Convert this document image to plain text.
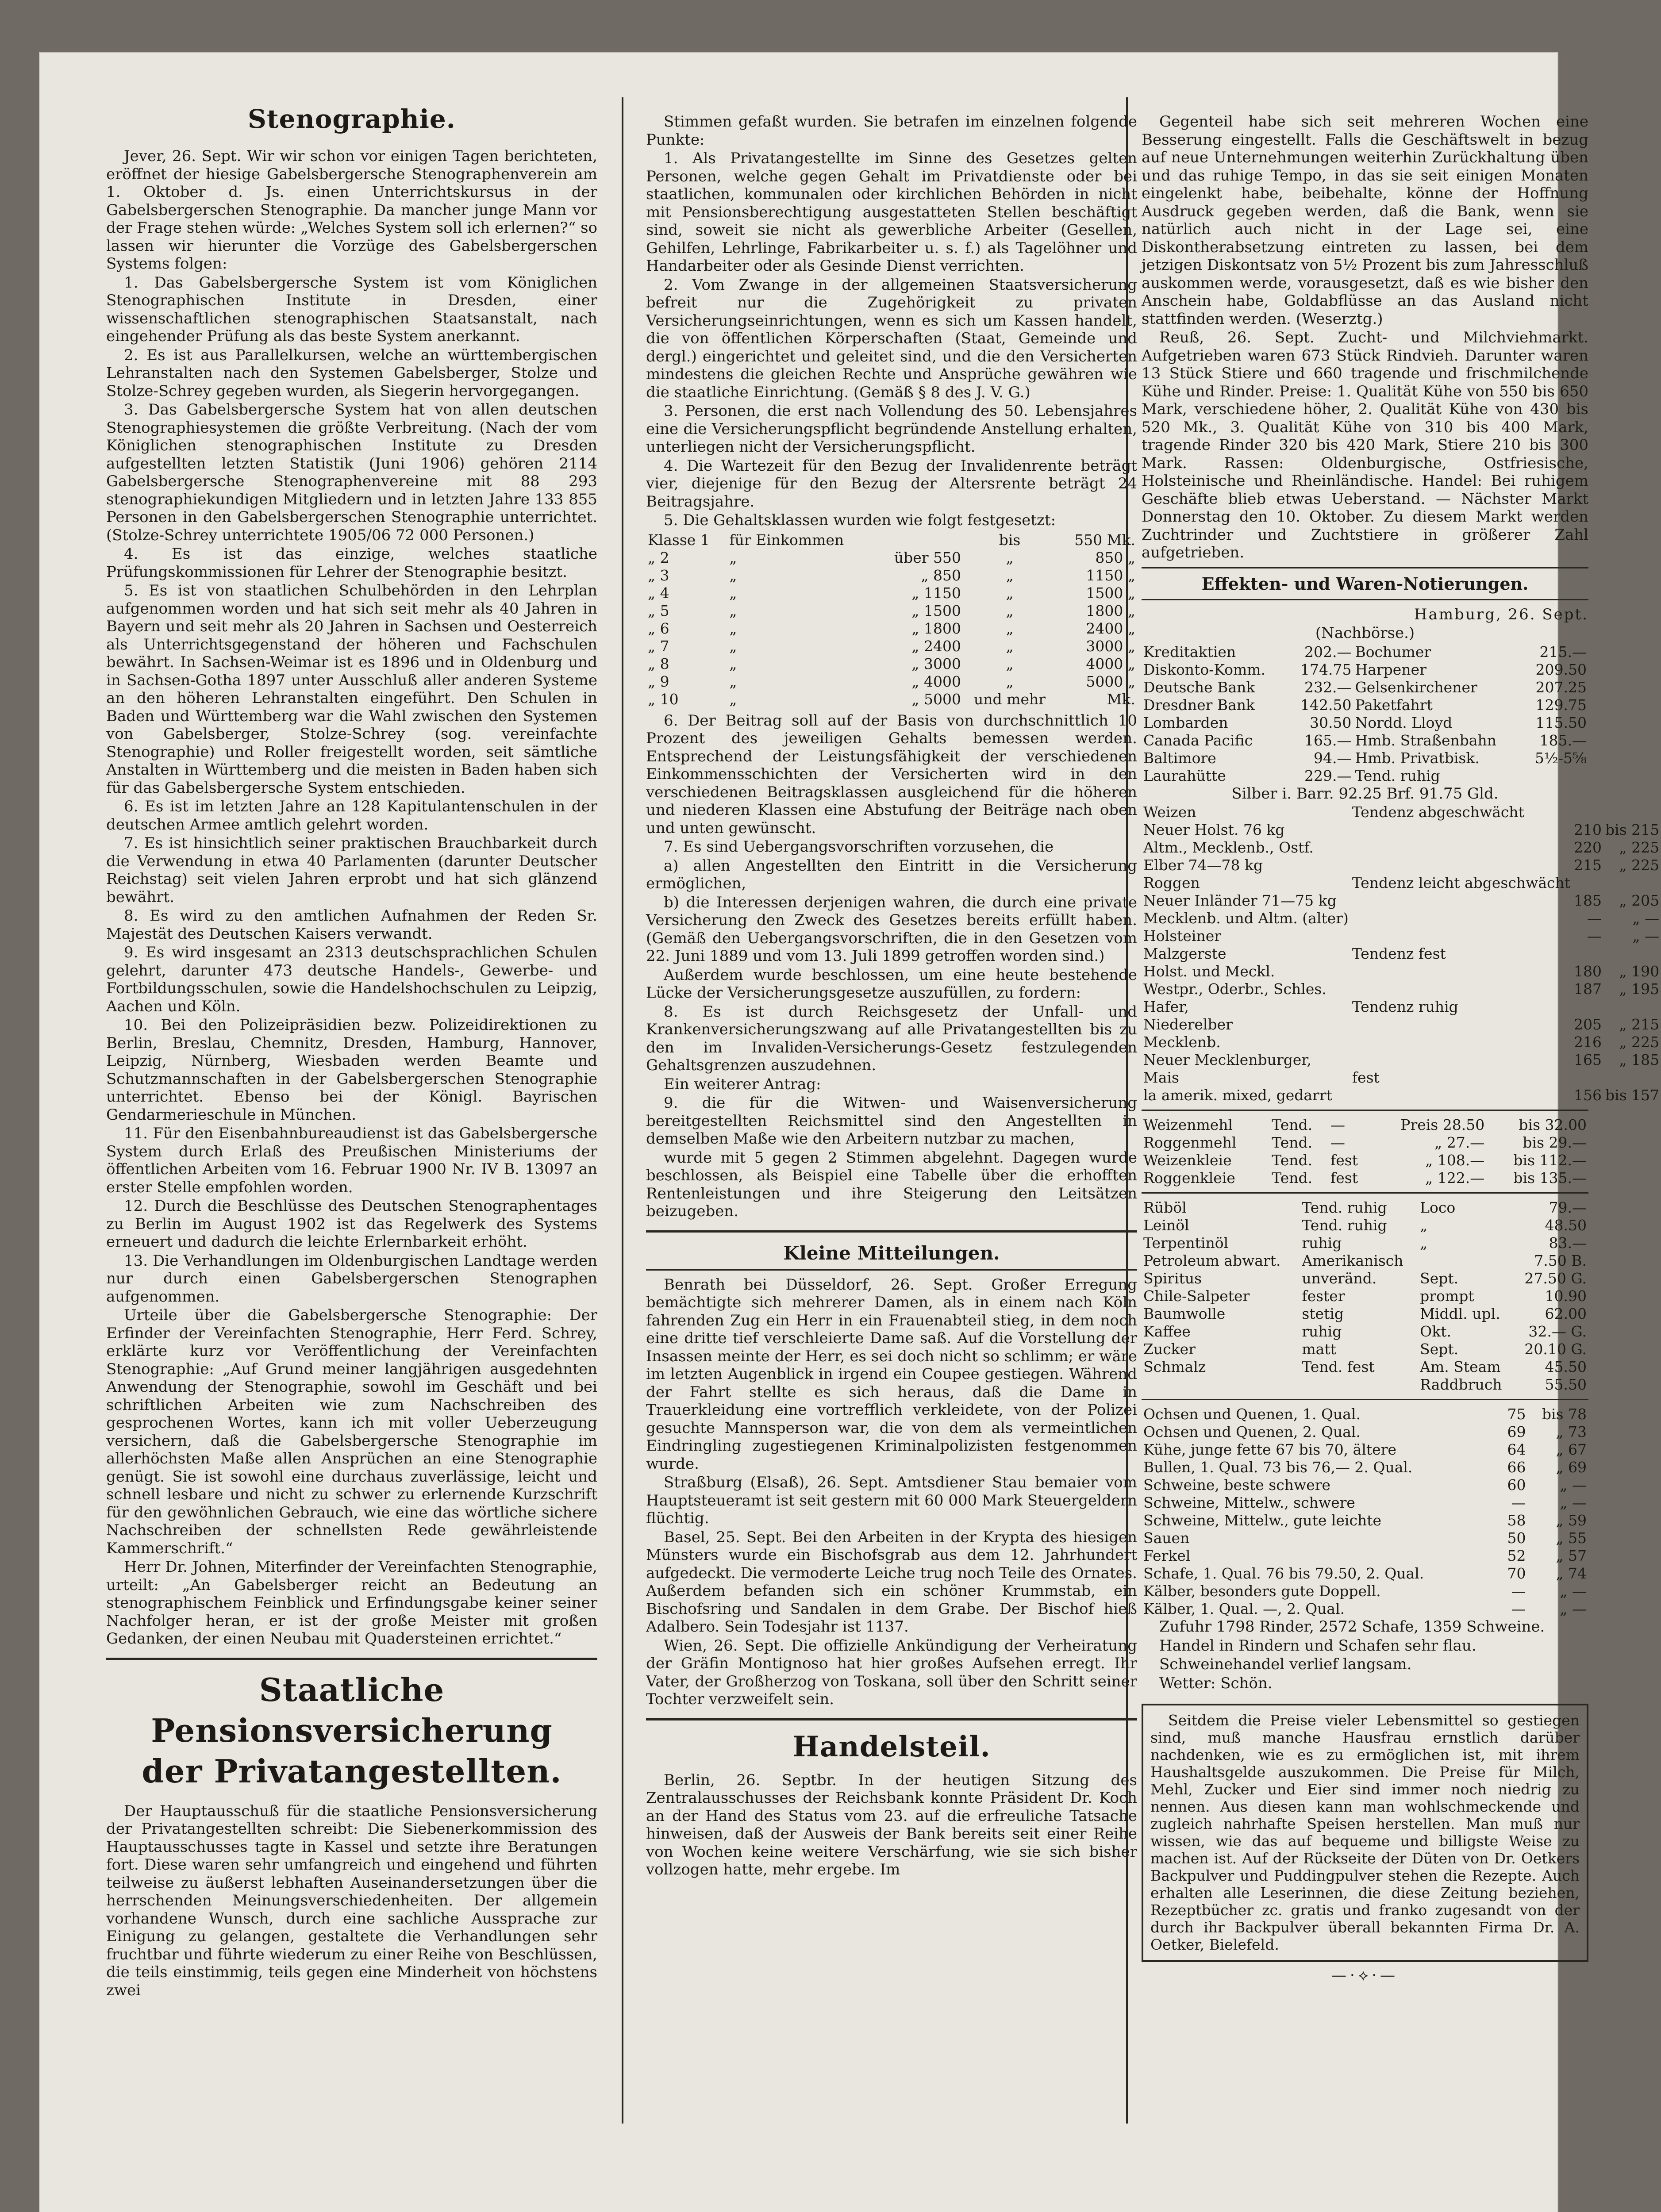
Stenographie.

Jever, 26. Sept. Wir wir schon vor einigen Tagen berichteten, eröffnet der hiesige Gabelsbergersche Stenographenverein am 1. Oktober d. Js. einen Unterrichtskursus in der Gabelsbergerschen Stenographie. Da mancher junge Mann vor der Frage stehen würde: „Welches System soll ich erlernen?“ so lassen wir hierunter die Vorzüge des Gabelsbergerschen Systems folgen:

1. Das Gabelsbergersche System ist vom Königlichen Stenographischen Institute in Dresden, einer wissenschaftlichen stenographischen Staatsanstalt, nach eingehender Prüfung als das beste System anerkannt.

2. Es ist aus Parallelkursen, welche an württembergischen Lehranstalten nach den Systemen Gabelsberger, Stolze und Stolze-Schrey gegeben wurden, als Siegerin hervorgegangen.

3. Das Gabelsbergersche System hat von allen deutschen Stenographiesystemen die größte Verbreitung. (Nach der vom Königlichen stenographischen Institute zu Dresden aufgestellten letzten Statistik (Juni 1906) gehören 2114 Gabelsbergersche Stenographenvereine mit 88 293 stenographiekundigen Mitgliedern und in letzten Jahre 133 855 Personen in den Gabelsbergerschen Stenographie unterrichtet. (Stolze-Schrey unterrichtete 1905/06 72 000 Personen.)

4. Es ist das einzige, welches staatliche Prüfungskommissionen für Lehrer der Stenographie besitzt.

5. Es ist von staatlichen Schulbehörden in den Lehrplan aufgenommen worden und hat sich seit mehr als 40 Jahren in Bayern und seit mehr als 20 Jahren in Sachsen und Oesterreich als Unterrichtsgegenstand der höheren und Fachschulen bewährt. In Sachsen-Weimar ist es 1896 und in Oldenburg und in Sachsen-Gotha 1897 unter Ausschluß aller anderen Systeme an den höheren Lehranstalten eingeführt. Den Schulen in Baden und Württemberg war die Wahl zwischen den Systemen von Gabelsberger, Stolze-Schrey (sog. vereinfachte Stenographie) und Roller freigestellt worden, seit sämtliche Anstalten in Württemberg und die meisten in Baden haben sich für das Gabelsbergersche System entschieden.

6. Es ist im letzten Jahre an 128 Kapitulantenschulen in der deutschen Armee amtlich gelehrt worden.

7. Es ist hinsichtlich seiner praktischen Brauchbarkeit durch die Verwendung in etwa 40 Parlamenten (darunter Deutscher Reichstag) seit vielen Jahren erprobt und hat sich glänzend bewährt.

8. Es wird zu den amtlichen Aufnahmen der Reden Sr. Majestät des Deutschen Kaisers verwandt.

9. Es wird insgesamt an 2313 deutschsprachlichen Schulen gelehrt, darunter 473 deutsche Handels-, Gewerbe- und Fortbildungsschulen, sowie die Handelshochschulen zu Leipzig, Aachen und Köln.

10. Bei den Polizeipräsidien bezw. Polizeidirektionen zu Berlin, Breslau, Chemnitz, Dresden, Hamburg, Hannover, Leipzig, Nürnberg, Wiesbaden werden Beamte und Schutzmannschaften in der Gabelsbergerschen Stenographie unterrichtet. Ebenso bei der Königl. Bayrischen Gendarmerieschule in München.

11. Für den Eisenbahnbureaudienst ist das Gabelsbergersche System durch Erlaß des Preußischen Ministeriums der öffentlichen Arbeiten vom 16. Februar 1900 Nr. IV B. 13097 an erster Stelle empfohlen worden.

12. Durch die Beschlüsse des Deutschen Stenographentages zu Berlin im August 1902 ist das Regelwerk des Systems erneuert und dadurch die leichte Erlernbarkeit erhöht.

13. Die Verhandlungen im Oldenburgischen Landtage werden nur durch einen Gabelsbergerschen Stenographen aufgenommen.

Urteile über die Gabelsbergersche Stenographie: Der Erfinder der Vereinfachten Stenographie, Herr Ferd. Schrey, erklärte kurz vor Veröffentlichung der Vereinfachten Stenographie: „Auf Grund meiner langjährigen ausgedehnten Anwendung der Stenographie, sowohl im Geschäft und bei schriftlichen Arbeiten wie zum Nachschreiben des gesprochenen Wortes, kann ich mit voller Ueberzeugung versichern, daß die Gabelsbergersche Stenographie im allerhöchsten Maße allen Ansprüchen an eine Stenographie genügt. Sie ist sowohl eine durchaus zuverlässige, leicht und schnell lesbare und nicht zu schwer zu erlernende Kurzschrift für den gewöhnlichen Gebrauch, wie eine das wörtliche sichere Nachschreiben der schnellsten Rede gewährleistende Kammerschrift.“

Herr Dr. Johnen, Miterfinder der Vereinfachten Stenographie, urteilt: „An Gabelsberger reicht an Bedeutung an stenographischem Feinblick und Erfindungsgabe keiner seiner Nachfolger heran, er ist der große Meister mit großen Gedanken, der einen Neubau mit Quadersteinen errichtet.“

Staatliche Pensionsversicherung
der Privatangestellten.

Der Hauptausschuß für die staatliche Pensionsversicherung der Privatangestellten schreibt: Die Siebenerkommission des Hauptausschusses tagte in Kassel und setzte ihre Beratungen fort. Diese waren sehr umfangreich und eingehend und führten teilweise zu äußerst lebhaften Auseinandersetzungen über die herrschenden Meinungsverschiedenheiten. Der allgemein vorhandene Wunsch, durch eine sachliche Aussprache zur Einigung zu gelangen, gestaltete die Verhandlungen sehr fruchtbar und führte wiederum zu einer Reihe von Beschlüssen, die teils einstimmig, teils gegen eine Minderheit von höchstens zwei

Stimmen gefaßt wurden. Sie betrafen im einzelnen folgende Punkte:

1. Als Privatangestellte im Sinne des Gesetzes gelten Personen, welche gegen Gehalt im Privatdienste oder bei staatlichen, kommunalen oder kirchlichen Behörden in nicht mit Pensionsberechtigung ausgestatteten Stellen beschäftigt sind, soweit sie nicht als gewerbliche Arbeiter (Gesellen, Gehilfen, Lehrlinge, Fabrikarbeiter u. s. f.) als Tagelöhner und Handarbeiter oder als Gesinde Dienst verrichten.

2. Vom Zwange in der allgemeinen Staatsversicherung befreit nur die Zugehörigkeit zu privaten Versicherungseinrichtungen, wenn es sich um Kassen handelt, die von öffentlichen Körperschaften (Staat, Gemeinde und dergl.) eingerichtet und geleitet sind, und die den Versicherten mindestens die gleichen Rechte und Ansprüche gewähren wie die staatliche Einrichtung. (Gemäß § 8 des J. V. G.)

3. Personen, die erst nach Vollendung des 50. Lebensjahres eine die Versicherungspflicht begründende Anstellung erhalten, unterliegen nicht der Versicherungspflicht.

4. Die Wartezeit für den Bezug der Invalidenrente beträgt vier, diejenige für den Bezug der Altersrente beträgt 24 Beitragsjahre.

5. Die Gehaltsklassen wurden wie folgt festgesetzt:

Klasse 1	für Einkommen		bis	550 Mk.
„ 2	„	über 550	„	850 „
„ 3	„	„ 850	„	1150 „
„ 4	„	„ 1150	„	1500 „
„ 5	„	„ 1500	„	1800 „
„ 6	„	„ 1800	„	2400 „
„ 7	„	„ 2400	„	3000 „
„ 8	„	„ 3000	„	4000 „
„ 9	„	„ 4000	„	5000 „
„ 10	„	„ 5000	und mehr	Mk.

6. Der Beitrag soll auf der Basis von durchschnittlich 10 Prozent des jeweiligen Gehalts bemessen werden. Entsprechend der Leistungsfähigkeit der verschiedenen Einkommensschichten der Versicherten wird in den verschiedenen Beitragsklassen ausgleichend für die höheren und niederen Klassen eine Abstufung der Beiträge nach oben und unten gewünscht.

7. Es sind Uebergangsvorschriften vorzusehen, die

a) allen Angestellten den Eintritt in die Versicherung ermöglichen,

b) die Interessen derjenigen wahren, die durch eine private Versicherung den Zweck des Gesetzes bereits erfüllt haben. (Gemäß den Uebergangsvorschriften, die in den Gesetzen vom 22. Juni 1889 und vom 13. Juli 1899 getroffen worden sind.)

Außerdem wurde beschlossen, um eine heute bestehende Lücke der Versicherungsgesetze auszufüllen, zu fordern:

8. Es ist durch Reichsgesetz der Unfall- und Krankenversicherungszwang auf alle Privatangestellten bis zu den im Invaliden-Versicherungs-Gesetz festzulegenden Gehaltsgrenzen auszudehnen.

Ein weiterer Antrag:

9. die für die Witwen- und Waisenversicherung bereitgestellten Reichsmittel sind den Angestellten in demselben Maße wie den Arbeitern nutzbar zu machen,

wurde mit 5 gegen 2 Stimmen abgelehnt. Dagegen wurde beschlossen, als Beispiel eine Tabelle über die erhofften Rentenleistungen und ihre Steigerung den Leitsätzen beizugeben.

Kleine Mitteilungen.

Benrath bei Düsseldorf, 26. Sept. Großer Erregung bemächtigte sich mehrerer Damen, als in einem nach Köln fahrenden Zug ein Herr in ein Frauenabteil stieg, in dem noch eine dritte tief verschleierte Dame saß. Auf die Vorstellung der Insassen meinte der Herr, es sei doch nicht so schlimm; er wäre im letzten Augenblick in irgend ein Coupee gestiegen. Während der Fahrt stellte es sich heraus, daß die Dame in Trauerkleidung eine vortrefflich verkleidete, von der Polizei gesuchte Mannsperson war, die von dem als vermeintlichen Eindringling zugestiegenen Kriminalpolizisten festgenommen wurde.

Straßburg (Elsaß), 26. Sept. Amtsdiener Stau bemaier vom Hauptsteueramt ist seit gestern mit 60 000 Mark Steuergeldern flüchtig.

Basel, 25. Sept. Bei den Arbeiten in der Krypta des hiesigen Münsters wurde ein Bischofsgrab aus dem 12. Jahrhundert aufgedeckt. Die vermoderte Leiche trug noch Teile des Ornates. Außerdem befanden sich ein schöner Krummstab, ein Bischofsring und Sandalen in dem Grabe. Der Bischof hieß Adalbero. Sein Todesjahr ist 1137.

Wien, 26. Sept. Die offizielle Ankündigung der Verheiratung der Gräfin Montignoso hat hier großes Aufsehen erregt. Ihr Vater, der Großherzog von Toskana, soll über den Schritt seiner Tochter verzweifelt sein.

Handelsteil.

Berlin, 26. Septbr. In der heutigen Sitzung des Zentralausschusses der Reichsbank konnte Präsident Dr. Koch an der Hand des Status vom 23. auf die erfreuliche Tatsache hinweisen, daß der Ausweis der Bank bereits seit einer Reihe von Wochen keine weitere Verschärfung, wie sie sich bisher vollzogen hatte, mehr ergebe. Im

Gegenteil habe sich seit mehreren Wochen eine Besserung eingestellt. Falls die Geschäftswelt in bezug auf neue Unternehmungen weiterhin Zurückhaltung üben und das ruhige Tempo, in das sie seit einigen Monaten eingelenkt habe, beibehalte, könne der Hoffnung Ausdruck gegeben werden, daß die Bank, wenn sie natürlich auch nicht in der Lage sei, eine Diskontherabsetzung eintreten zu lassen, bei dem jetzigen Diskontsatz von 5½ Prozent bis zum Jahresschluß auskommen werde, vorausgesetzt, daß es wie bisher den Anschein habe, Goldabflüsse an das Ausland nicht stattfinden werden. (Weserztg.)

Reuß, 26. Sept. Zucht- und Milchviehmarkt. Aufgetrieben waren 673 Stück Rindvieh. Darunter waren 13 Stück Stiere und 660 tragende und frischmilchende Kühe und Rinder. Preise: 1. Qualität Kühe von 550 bis 650 Mark, verschiedene höher, 2. Qualität Kühe von 430 bis 520 Mk., 3. Qualität Kühe von 310 bis 400 Mark, tragende Rinder 320 bis 420 Mark, Stiere 210 bis 300 Mark. Rassen: Oldenburgische, Ostfriesische, Holsteinische und Rheinländische. Handel: Bei ruhigem Geschäfte blieb etwas Ueberstand. — Nächster Markt Donnerstag den 10. Oktober. Zu diesem Markt werden Zuchtrinder und Zuchtstiere in größerer Zahl aufgetrieben.

Effekten- und Waren-Notierungen.

Hamburg, 26. Sept.

(Nachbörse.)

Kreditaktien	202.—	Bochumer	215.—
Diskonto-Komm.	174.75	Harpener	209.50
Deutsche Bank	232.—	Gelsenkirchener	207.25
Dresdner Bank	142.50	Paketfahrt	129.75
Lombarden	30.50	Nordd. Lloyd	115.50
Canada Pacific	165.—	Hmb. Straßenbahn	185.—
Baltimore	94.—	Hmb. Privatbisk.	5½-5⅝
Laurahütte	229.—	Tend. ruhig	

Silber i. Barr. 92.25 Brf. 91.75 Gld.

Weizen	Tendenz abgeschwächt		
Neuer Holst. 76 kg		210	bis 215
Altm., Mecklenb., Ostf.		220	„ 225
Elber 74—78 kg		215	„ 225
Roggen	Tendenz leicht abgeschwächt		
Neuer Inländer 71—75 kg		185	„ 205
Mecklenb. und Altm. (alter)		—	„ —
Holsteiner		—	„ —
Malzgerste	Tendenz fest		
Holst. und Meckl.		180	„ 190
Westpr., Oderbr., Schles.		187	„ 195
Hafer,	Tendenz ruhig		
Niederelber		205	„ 215
Mecklenb.		216	„ 225
Neuer Mecklenburger,		165	„ 185
Mais	fest		
la amerik. mixed, gedarrt		156	bis 157
Weizenmehl	Tend.	—	Preis 28.50	bis 32.00
Roggenmehl	Tend.	—	„ 27.—	bis 29.—
Weizenkleie	Tend.	fest	„ 108.—	bis 112.—
Roggenkleie	Tend.	fest	„ 122.—	bis 135.—
Rüböl	Tend. ruhig	Loco	79.—
Leinöl	Tend. ruhig	„	48.50
Terpentinöl	ruhig	„	83.—
Petroleum abwart.	Amerikanisch		7.50 B.
Spiritus	unveränd.	Sept.	27.50 G.
Chile-Salpeter	fester	prompt	10.90
Baumwolle	stetig	Middl. upl.	62.00
Kaffee	ruhig	Okt.	32.— G.
Zucker	matt	Sept.	20.10 G.
Schmalz	Tend. fest	Am. Steam	45.50
		Raddbruch	55.50
Ochsen und Quenen, 1. Qual.	75	bis 78
Ochsen und Quenen, 2. Qual.	69	„ 73
Kühe, junge fette 67 bis 70, ältere	64	„ 67
Bullen, 1. Qual. 73 bis 76,— 2. Qual.	66	„ 69
Schweine, beste schwere	60	„ —
Schweine, Mittelw., schwere	—	„ —
Schweine, Mittelw., gute leichte	58	„ 59
Sauen	50	„ 55
Ferkel	52	„ 57
Schafe, 1. Qual. 76 bis 79.50, 2. Qual.	70	„ 74
Kälber, besonders gute Doppell.	—	„ —
Kälber, 1. Qual. —, 2. Qual.	—	„ —

Zufuhr 1798 Rinder, 2572 Schafe, 1359 Schweine.

Handel in Rindern und Schafen sehr flau.

Schweinehandel verlief langsam.

Wetter: Schön.

Seitdem die Preise vieler Lebensmittel so gestiegen sind, muß manche Hausfrau ernstlich darüber nachdenken, wie es zu ermöglichen ist, mit ihrem Haushaltsgelde auszukommen. Die Preise für Milch, Mehl, Zucker und Eier sind immer noch niedrig zu nennen. Aus diesen kann man wohlschmeckende und zugleich nahrhafte Speisen herstellen. Man muß nur wissen, wie das auf bequeme und billigste Weise zu machen ist. Auf der Rückseite der Düten von Dr. Oetkers Backpulver und Puddingpulver stehen die Rezepte. Auch erhalten alle Leserinnen, die diese Zeitung beziehen, Rezeptbücher zc. gratis und franko zugesandt von der durch ihr Backpulver überall bekannten Firma Dr. A. Oetker, Bielefeld.

—·⟡·—
